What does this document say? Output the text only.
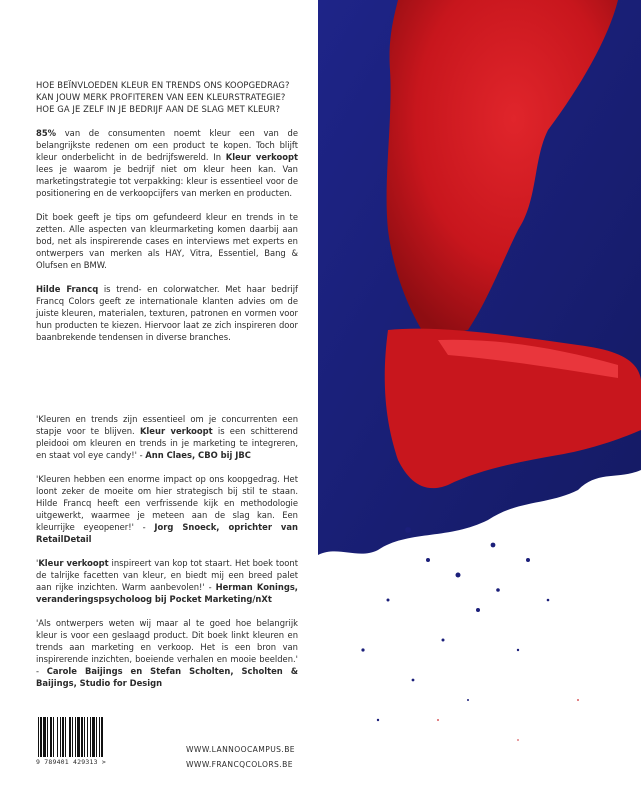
HOE BEÏNVLOEDEN KLEUR EN TRENDS ONS KOOPGEDRAG?
KAN JOUW MERK PROFITEREN VAN EEN KLEURSTRATEGIE?
HOE GA JE ZELF IN JE BEDRIJF AAN DE SLAG MET KLEUR?

85% van de consumenten noemt kleur een van de belangrijkste redenen om een product te kopen. Toch blijft kleur onderbelicht in de bedrijfswereld. In Kleur verkoopt lees je waarom je bedrijf niet om kleur heen kan. Van marketingstrategie tot verpakking: kleur is essentieel voor de positionering en de verkoopcijfers van merken en producten.

Dit boek geeft je tips om gefundeerd kleur en trends in te zetten. Alle aspecten van kleurmarketing komen daarbij aan bod, net als inspirerende cases en interviews met experts en ontwerpers van merken als HAY, Vitra, Essentiel, Bang & Olufsen en BMW.

Hilde Francq is trend- en colorwatcher. Met haar bedrijf Francq Colors geeft ze internationale klanten advies om de juiste kleuren, materialen, texturen, patronen en vormen voor hun producten te kiezen. Hiervoor laat ze zich inspireren door baanbrekende tendensen in diverse branches.

'Kleuren en trends zijn essentieel om je concurrenten een stapje voor te blijven. Kleur verkoopt is een schitterend pleidooi om kleuren en trends in je marketing te integreren, en staat vol eye candy!' - Ann Claes, CBO bij JBC

'Kleuren hebben een enorme impact op ons koopgedrag. Het loont zeker de moeite om hier strategisch bij stil te staan. Hilde Francq heeft een verfrissende kijk en methodologie uitgewerkt, waarmee je meteen aan de slag kan. Een kleurrijke eyeopener!' - Jorg Snoeck, oprichter van RetailDetail

'Kleur verkoopt inspireert van kop tot staart. Het boek toont de talrijke facetten van kleur, en biedt mij een breed palet aan rijke inzichten. Warm aanbevolen!' - Herman Konings, veranderingspsycholoog bij Pocket Marketing/nXt

'Als ontwerpers weten wij maar al te goed hoe belangrijk kleur is voor een geslaagd product. Dit boek linkt kleuren en trends aan marketing en verkoop. Het is een bron van inspirerende inzichten, boeiende verhalen en mooie beelden.' - Carole Baijings en Stefan Scholten, Scholten & Baijings, Studio for Design

9 789401 429313 >
WWW.LANNOOCAMPUS.BE
WWW.FRANCQCOLORS.BE
